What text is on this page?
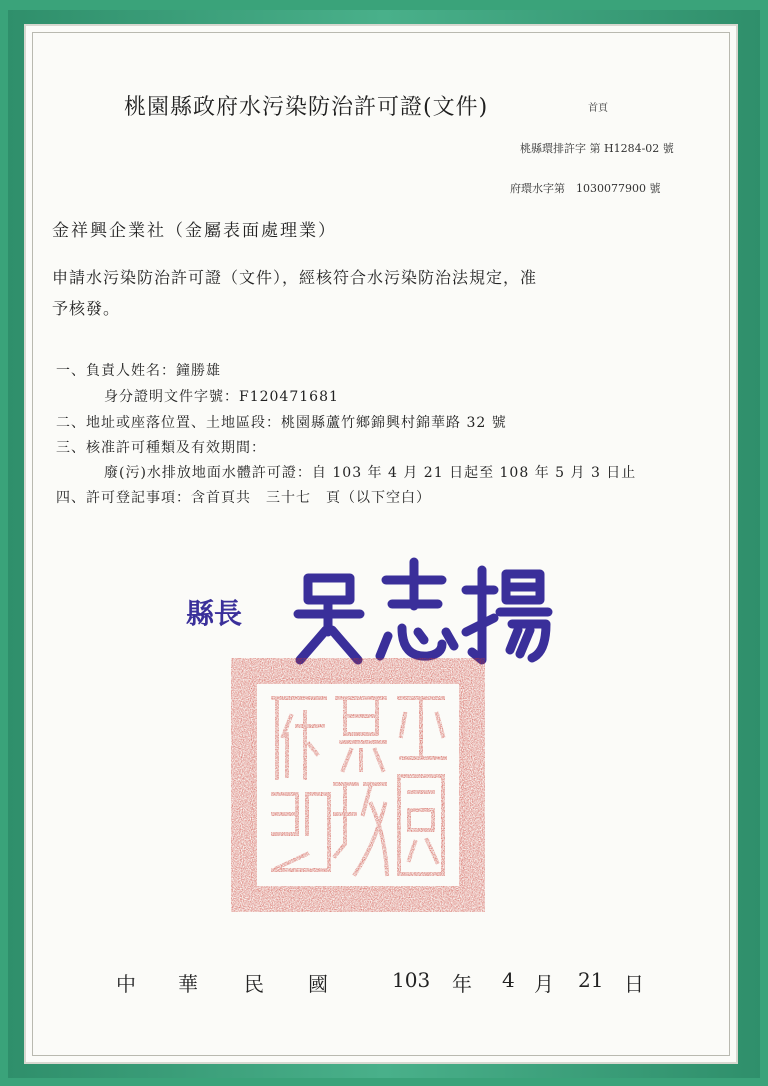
桃園縣政府水污染防治許可證(文件)	首頁
桃縣環排許字 第 H1284-02 號
府環水字第　1030077900 號
金祥興企業社（金屬表面處理業）
申請水污染防治許可證（文件），經核符合水污染防治法規定，准
予核發。
一、負責人姓名：鐘勝雄
身分證明文件字號：F120471681
二、地址或座落位置、土地區段：桃園縣蘆竹鄉錦興村錦華路 32 號
三、核准許可種類及有效期間：
廢(污)水排放地面水體許可證：自 103 年 4 月 21 日起至 108 年 5 月 3 日止
四、許可登記事項：含首頁共　三十七　頁（以下空白）
縣長
中 華 民 國	103 年 4 月 21 日
